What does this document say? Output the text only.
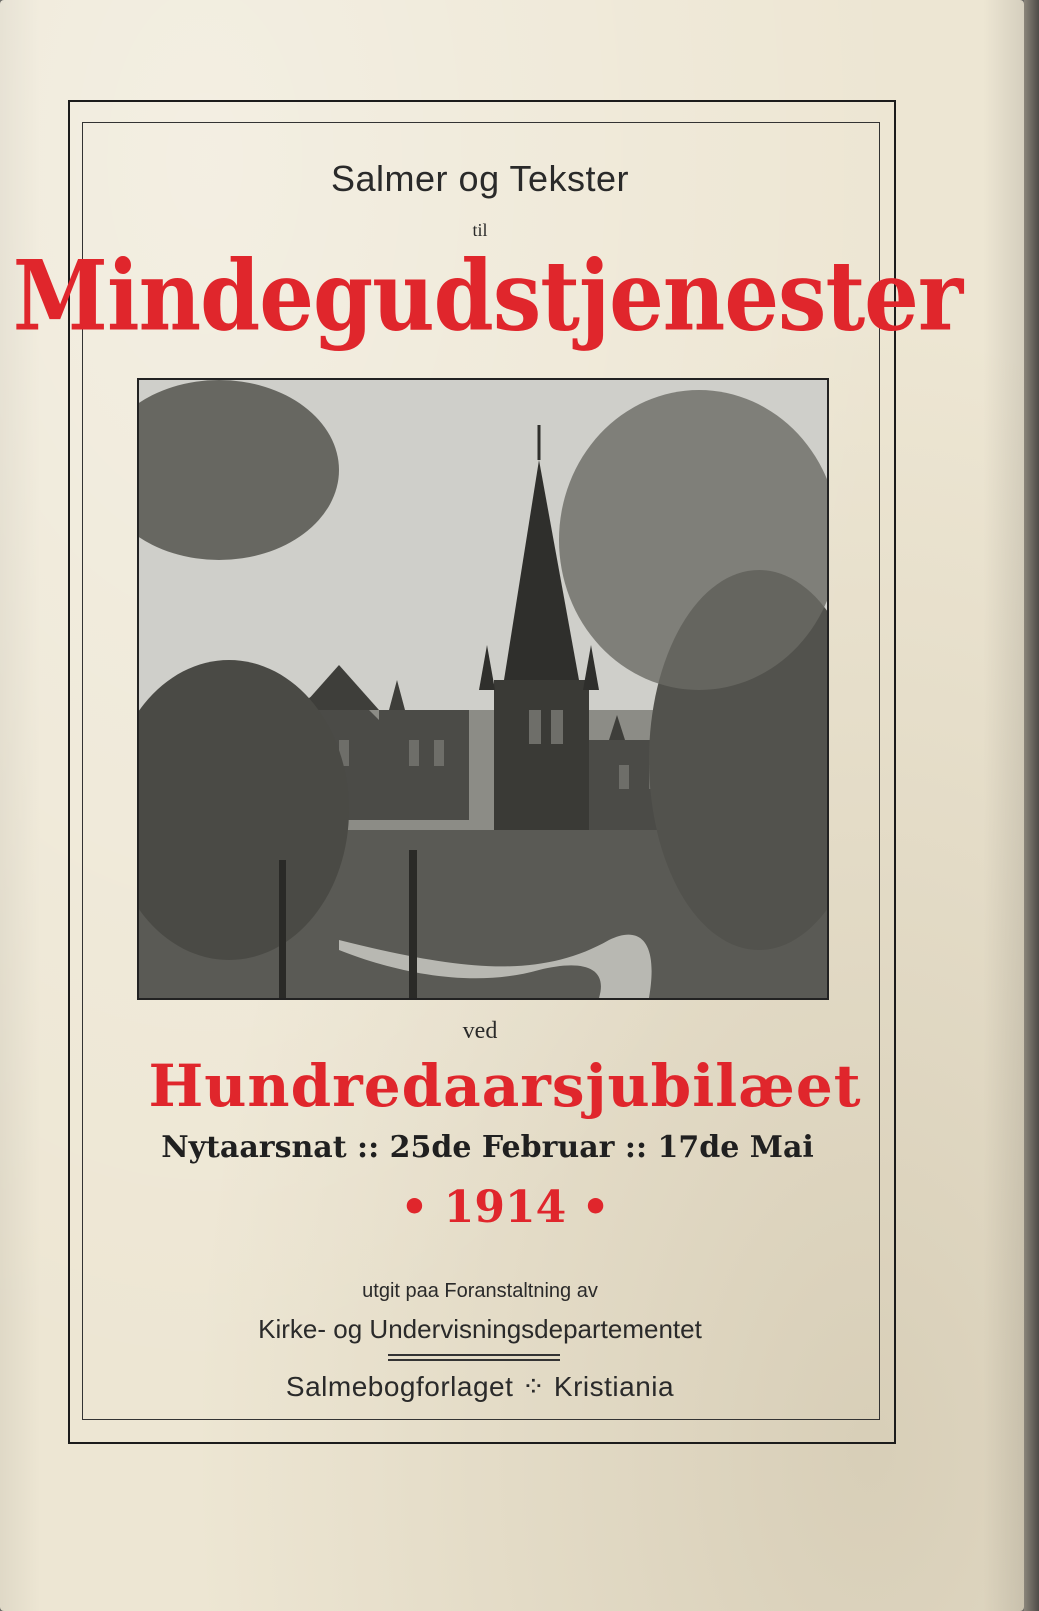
Salmer og Tekster
til
Mindegudstjenester
ved
Hundredaarsjubilæet
Nytaarsnat :: 25de Februar :: 17de Mai
• 1914 •
utgit paa Foranstaltning av
Kirke- og Undervisningsdepartementet
Salmebogforlaget ⁘ Kristiania
